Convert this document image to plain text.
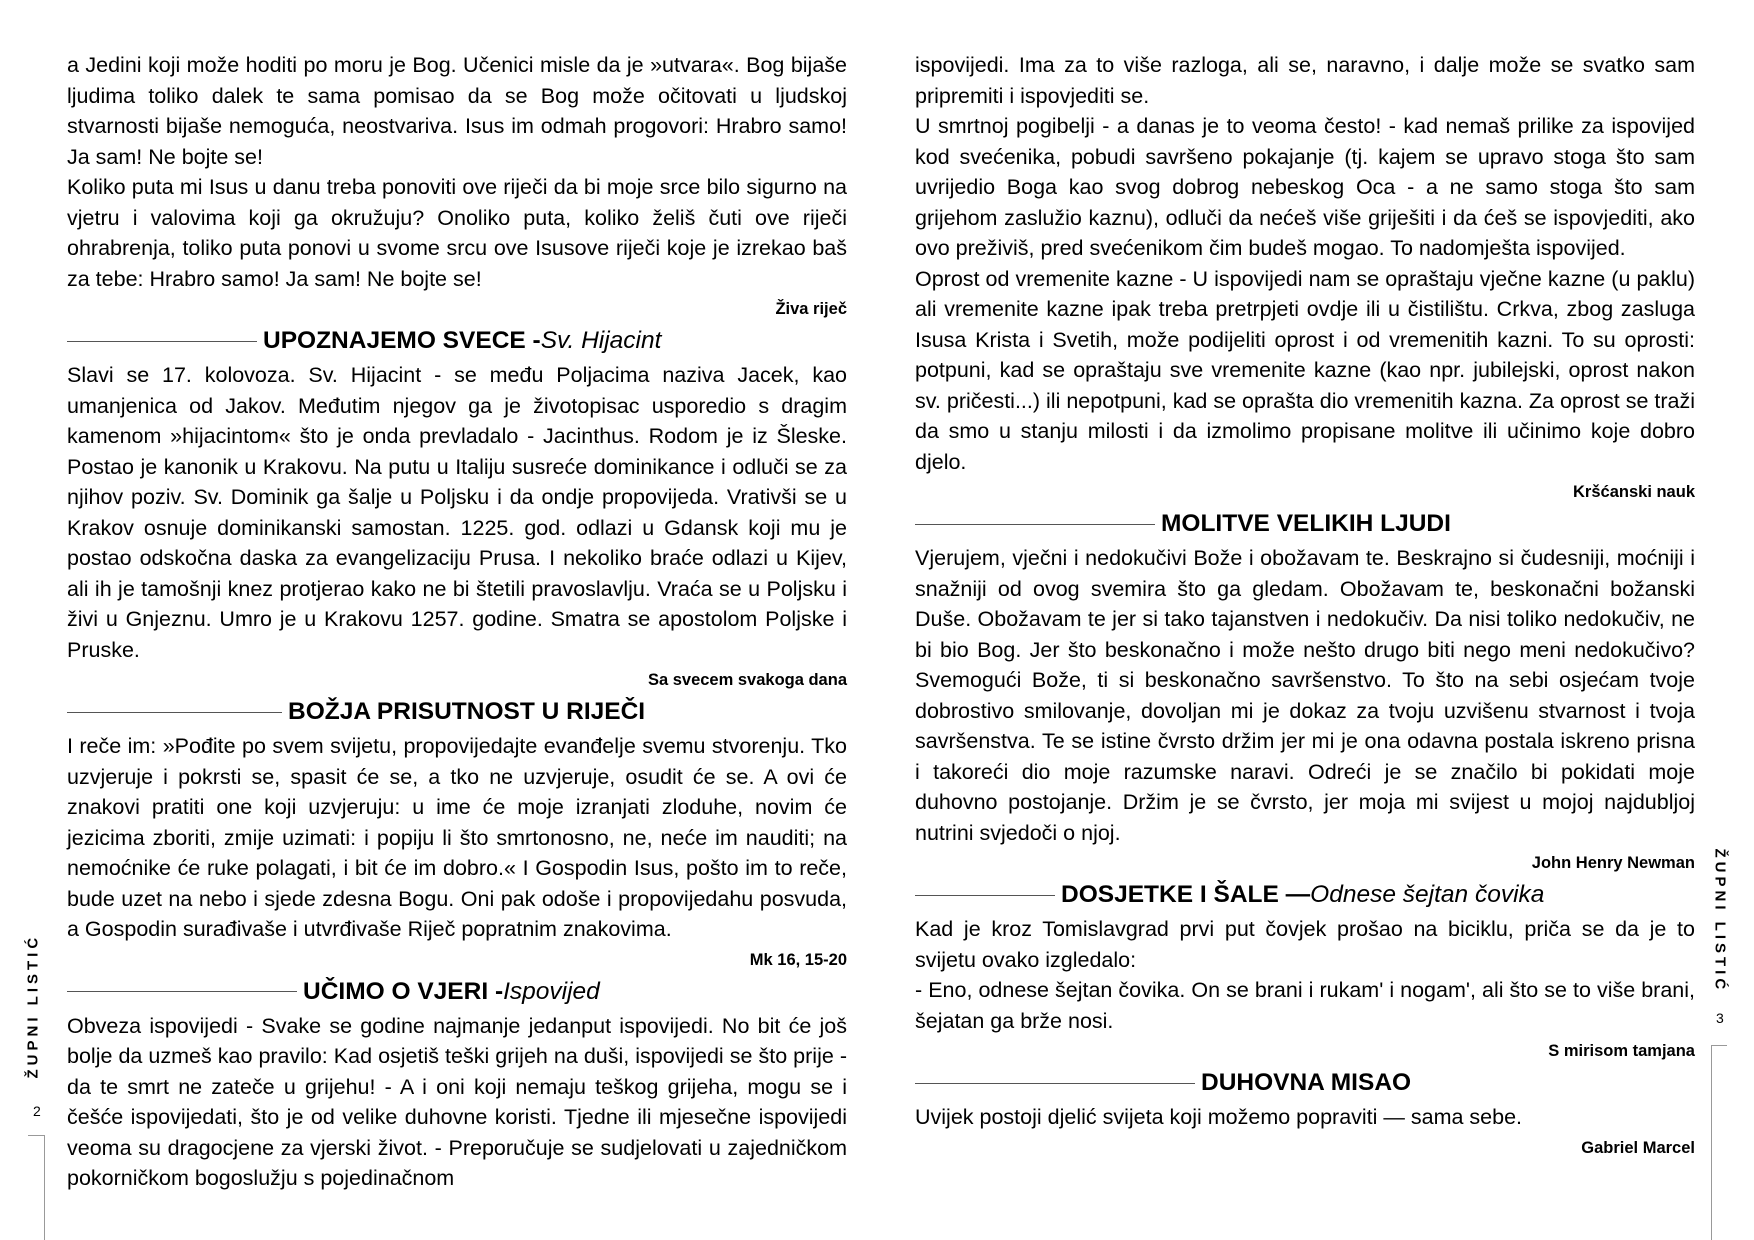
a Jedini koji može hoditi po moru je Bog. Učenici misle da je »utvara«. Bog bijaše ljudima toliko dalek te sama pomisao da se Bog može očitovati u ljudskoj stvarnosti bijaše nemoguća, neostvariva. Isus im odmah progovori: Hrabro samo! Ja sam! Ne bojte se!

Koliko puta mi Isus u danu treba ponoviti ove riječi da bi moje srce bilo sigurno na vjetru i valovima koji ga okružuju? Onoliko puta, koliko želiš čuti ove riječi ohrabrenja, toliko puta ponovi u svome srcu ove Isusove riječi koje je izrekao baš za tebe: Hrabro samo! Ja sam! Ne bojte se!

Živa riječ
UPOZNAJEMO SVECE - Sv. Hijacint

Slavi se 17. kolovoza. Sv. Hijacint - se među Poljacima naziva Jacek, kao umanjenica od Jakov. Međutim njegov ga je životopisac usporedio s dragim kamenom »hijacintom« što je onda prevladalo - Jacinthus. Rodom je iz Šleske. Postao je kanonik u Krakovu. Na putu u Italiju susreće dominikance i odluči se za njihov poziv. Sv. Dominik ga šalje u Poljsku i da ondje propovijeda. Vrativši se u Krakov osnuje dominikanski samostan. 1225. god. odlazi u Gdansk koji mu je postao odskočna daska za evangelizaciju Prusa. I nekoliko braće odlazi u Kijev, ali ih je tamošnji knez protjerao kako ne bi štetili pravoslavlju. Vraća se u Poljsku i živi u Gnjeznu. Umro je u Krakovu 1257. godine. Smatra se apostolom Poljske i Pruske.

Sa svecem svakoga dana
BOŽJA PRISUTNOST U RIJEČI

I reče im: »Pođite po svem svijetu, propovijedajte evanđelje svemu stvorenju. Tko uzvjeruje i pokrsti se, spasit će se, a tko ne uzvjeruje, osudit će se. A ovi će znakovi pratiti one koji uzvjeruju: u ime će moje izranjati zloduhe, novim će jezicima zboriti, zmije uzimati: i popiju li što smrtonosno, ne, neće im nauditi; na nemoćnike će ruke polagati, i bit će im dobro.« I Gospodin Isus, pošto im to reče, bude uzet na nebo i sjede zdesna Bogu. Oni pak odoše i propovijedahu posvuda, a Gospodin surađivaše i utvrđivaše Riječ popratnim znakovima.

Mk 16, 15-20
UČIMO O VJERI - Ispovijed

Obveza ispovijedi - Svake se godine najmanje jedanput ispovijedi. No bit će još bolje da uzmeš kao pravilo: Kad osjetiš teški grijeh na duši, ispovijedi se što prije - da te smrt ne zateče u grijehu! - A i oni koji nemaju teškog grijeha, mogu se i češće ispovijedati, što je od velike duhovne koristi. Tjedne ili mjesečne ispovijedi veoma su dragocjene za vjerski život. - Preporučuje se sudjelovati u zajedničkom pokorničkom bogoslužju s pojedinačnom

ispovijedi. Ima za to više razloga, ali se, naravno, i dalje može se svatko sam pripremiti i ispovjediti se.

U smrtnoj pogibelji - a danas je to veoma često! - kad nemaš prilike za ispovijed kod svećenika, pobudi savršeno pokajanje (tj. kajem se upravo stoga što sam uvrijedio Boga kao svog dobrog nebeskog Oca - a ne samo stoga što sam grijehom zaslužio kaznu), odluči da nećeš više griješiti i da ćeš se ispovjediti, ako ovo preživiš, pred svećenikom čim budeš mogao. To nadomješta ispovijed.

Oprost od vremenite kazne - U ispovijedi nam se opraštaju vječne kazne (u paklu) ali vremenite kazne ipak treba pretrpjeti ovdje ili u čistilištu. Crkva, zbog zasluga Isusa Krista i Svetih, može podijeliti oprost i od vremenitih kazni. To su oprosti: potpuni, kad se opraštaju sve vremenite kazne (kao npr. jubilejski, oprost nakon sv. pričesti...) ili nepotpuni, kad se oprašta dio vremenitih kazna. Za oprost se traži da smo u stanju milosti i da izmolimo propisane molitve ili učinimo koje dobro djelo.

Kršćanski nauk
MOLITVE VELIKIH LJUDI

Vjerujem, vječni i nedokučivi Bože i obožavam te. Beskrajno si čudesniji, moćniji i snažniji od ovog svemira što ga gledam. Obožavam te, beskonačni božanski Duše. Obožavam te jer si tako tajanstven i nedokučiv. Da nisi toliko nedokučiv, ne bi bio Bog. Jer što beskonačno i može nešto drugo biti nego meni nedokučivo? Svemogući Bože, ti si beskonačno savršenstvo. To što na sebi osjećam tvoje dobrostivo smilovanje, dovoljan mi je dokaz za tvoju uzvišenu stvarnost i tvoja savršenstva. Te se istine čvrsto držim jer mi je ona odavna postala iskreno prisna i takoreći dio moje razumske naravi. Odreći je se značilo bi pokidati moje duhovno postojanje. Držim je se čvrsto, jer moja mi svijest u mojoj najdubljoj nutrini svjedoči o njoj.

John Henry Newman
DOSJETKE I ŠALE — Odnese šejtan čovika

Kad je kroz Tomislavgrad prvi put čovjek prošao na biciklu, priča se da je to svijetu ovako izgledalo:

- Eno, odnese šejtan čovika. On se brani i rukam' i nogam', ali što se to više brani, šejatan ga brže nosi.

S mirisom tamjana
DUHOVNA MISAO

Uvijek postoji djelić svijeta koji možemo popraviti — sama sebe.

Gabriel Marcel
ŽUPNI LISTIĆ
2
ŽUPNI LISTIĆ
3
